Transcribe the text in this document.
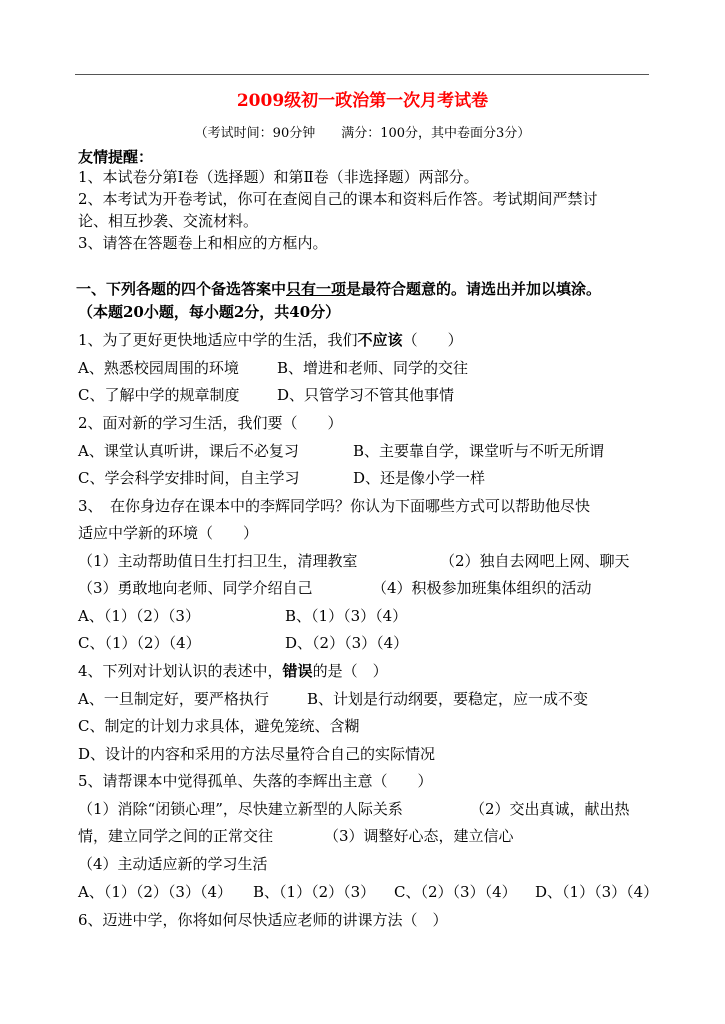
2009级初一政治第一次月考试卷
（考试时间：90分钟　　满分：100分，其中卷面分3分）
友情提醒：
1、本试卷分第Ⅰ卷（选择题）和第Ⅱ卷（非选择题）两部分。
2、本考试为开卷考试，你可在查阅自己的课本和资料后作答。考试期间严禁讨
论、相互抄袭、交流材料。
3、请答在答题卷上和相应的方框内。
一、下列各题的四个备选答案中只有一项是最符合题意的。请选出并加以填涂。
（本题20小题，每小题2分，共40分）
1、为了更好更快地适应中学的生活，我们不应该（　　）
A、熟悉校园周围的环境	B、增进和老师、同学的交往
C、了解中学的规章制度	D、只管学习不管其他事情
2、面对新的学习生活，我们要（　　）
A、课堂认真听讲，课后不必复习	B、主要靠自学，课堂听与不听无所谓
C、学会科学安排时间，自主学习	D、还是像小学一样
3、　在你身边存在课本中的李辉同学吗？你认为下面哪些方式可以帮助他尽快
适应中学新的环境（　　）
（1）主动帮助值日生打扫卫生，清理教室	（2）独自去网吧上网、聊天
（3）勇敢地向老师、同学介绍自己	（4）积极参加班集体组织的活动
A、（1）（2）（3）	B、（1）（3）（4）
C、（1）（2）（4）	D、（2）（3）（4）
4、下列对计划认识的表述中，错误的是（　）
A、一旦制定好，要严格执行	B、计划是行动纲要，要稳定，应一成不变
C、制定的计划力求具体，避免笼统、含糊
D、设计的内容和采用的方法尽量符合自己的实际情况
5、请帮课本中觉得孤单、失落的李辉出主意（　　）
（1）消除“闭锁心理”，尽快建立新型的人际关系	（2）交出真诚，献出热
情，建立同学之间的正常交往	（3）调整好心态，建立信心
（4）主动适应新的学习生活
A、（1）（2）（3）（4） B、（1）（2）（3） C、（2）（3）（4） D、（1）（3）（4）
6、迈进中学，你将如何尽快适应老师的讲课方法（　）
